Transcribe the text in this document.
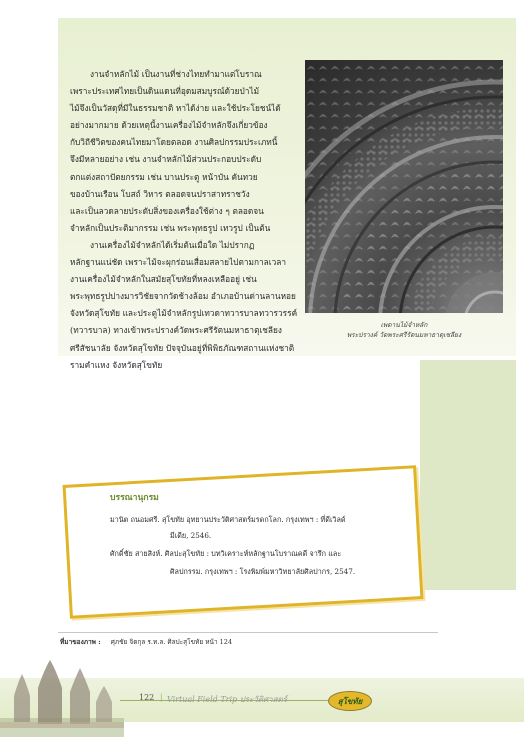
งานจำหลักไม้ เป็นงานที่ช่างไทยทำมาแต่โบราณ

เพราะประเทศไทยเป็นดินแดนที่อุดมสมบูรณ์ด้วยป่าไม้

ไม้จึงเป็นวัสดุที่มีในธรรมชาติ หาได้ง่าย และใช้ประโยชน์ได้

อย่างมากมาย ด้วยเหตุนี้งานเครื่องไม้จำหลักจึงเกี่ยวข้อง

กับวิถีชีวิตของคนไทยมาโดยตลอด งานศิลปกรรมประเภทนี้

จึงมีหลายอย่าง เช่น งานจำหลักไม้ส่วนประกอบประดับ

ตกแต่งสถาปัตยกรรม เช่น บานประตู หน้าบัน คันทวย

ของบ้านเรือน โบสถ์ วิหาร ตลอดจนปราสาทราชวัง

และเป็นลวดลายประดับสิ่งของเครื่องใช้ต่าง ๆ ตลอดจน

จำหลักเป็นประติมากรรม เช่น พระพุทธรูป เทวรูป เป็นต้น

งานเครื่องไม้จำหลักได้เริ่มต้นเมื่อใด ไม่ปรากฏ

หลักฐานแน่ชัด เพราะไม้จะผุกร่อนเสื่อมสลายไปตามกาลเวลา

งานเครื่องไม้จำหลักในสมัยสุโขทัยที่หลงเหลืออยู่ เช่น

พระพุทธรูปปางมารวิชัยจากวัดช้างล้อม อำเภอบ้านด่านลานหอย

จังหวัดสุโขทัย และประตูไม้จำหลักรูปเทวดาทวารบาลทวารวรรค์

(ทวารบาล) ทางเข้าพระปรางค์วัดพระศรีรัตนมหาธาตุเชลียง

ศรีสัชนาลัย จังหวัดสุโขทัย ปัจจุบันอยู่ที่พิพิธภัณฑสถานแห่งชาติ

รามคำแหง จังหวัดสุโขทัย

เพดานไม้จำหลัก
พระปรางค์ วัดพระศรีรัตนมหาธาตุเชลียง
บรรณานุกรม
มานิต ถนอมศรี. สุโขทัย อุทยานประวัติศาสตร์มรดกโลก. กรุงเทพฯ : ที่ดีเวิลด์
มีเดีย, 2546.
ศักดิ์ชัย สายสิงห์. ศิลปะสุโขทัย : บทวิเคราะห์หลักฐานโบราณคดี จารึก และ
ศิลปกรรม. กรุงเทพฯ : โรงพิมพ์มหาวิทยาลัยศิลปากร, 2547.
ที่มาของภาพ : ศุภชัย จิตกุล ร.ท.ล. ศิลปะสุโขทัย หน้า 124
122 | Virtual Field Trip ประวัติศาสตร์	สุโขทัย
